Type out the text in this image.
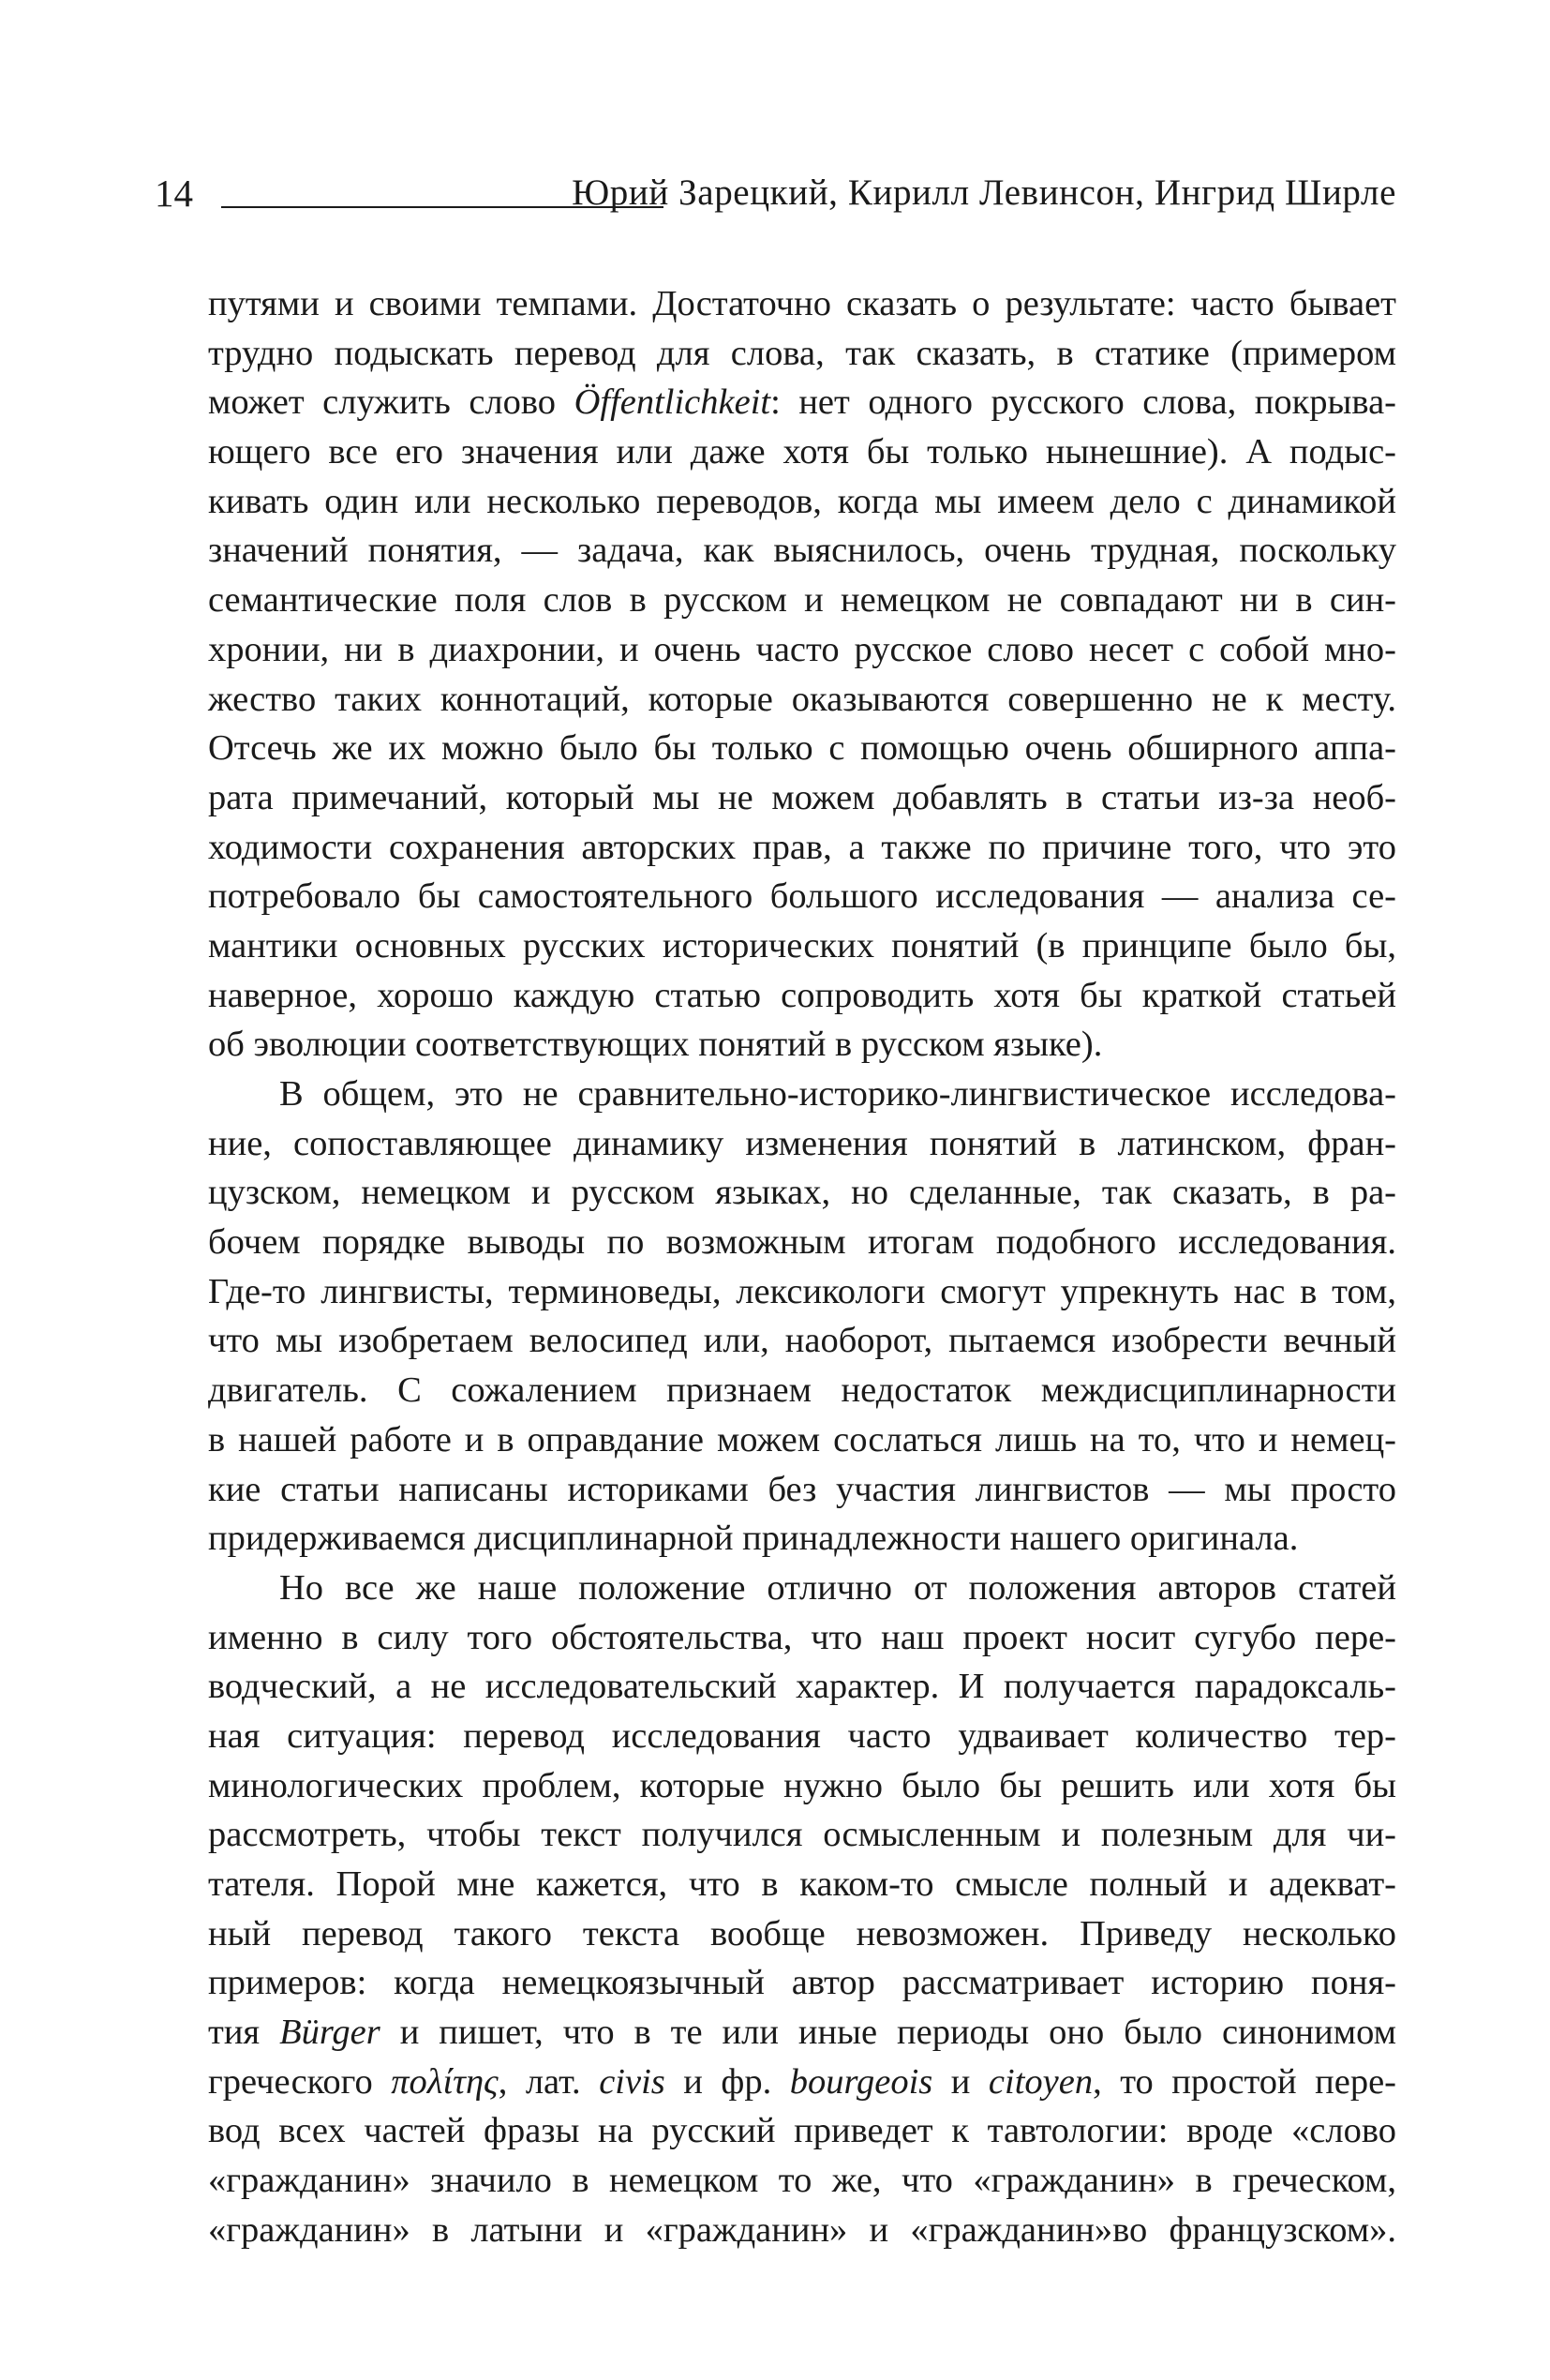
14	Юрий Зарецкий, Кирилл Левинсон, Ингрид Ширле
путями и своими темпами. Достаточно сказать о результате: часто бывает
трудно подыскать перевод для слова, так сказать, в статике (примером
может служить слово Öffentlichkeit: нет одного русского слова, покрыва-
ющего все его значения или даже хотя бы только нынешние). А подыс-
кивать один или несколько переводов, когда мы имеем дело с динамикой
значений понятия, — задача, как выяснилось, очень трудная, поскольку
семантические поля слов в русском и немецком не совпадают ни в син-
хронии, ни в диахронии, и очень часто русское слово несет с собой мно-
жество таких коннотаций, которые оказываются совершенно не к месту.
Отсечь же их можно было бы только с помощью очень обширного аппа-
рата примечаний, который мы не можем добавлять в статьи из-за необ-
ходимости сохранения авторских прав, а также по причине того, что это
потребовало бы самостоятельного большого исследования — анализа се-
мантики основных русских исторических понятий (в принципе было бы,
наверное, хорошо каждую статью сопроводить хотя бы краткой статьей
об эволюции соответствующих понятий в русском языке).
В общем, это не сравнительно-историко-лингвистическое исследова-
ние, сопоставляющее динамику изменения понятий в латинском, фран-
цузском, немецком и русском языках, но сделанные, так сказать, в ра-
бочем порядке выводы по возможным итогам подобного исследования.
Где-то лингвисты, терминоведы, лексикологи смогут упрекнуть нас в том,
что мы изобретаем велосипед или, наоборот, пытаемся изобрести вечный
двигатель. С сожалением признаем недостаток междисциплинарности
в нашей работе и в оправдание можем сослаться лишь на то, что и немец-
кие статьи написаны историками без участия лингвистов — мы просто
придерживаемся дисциплинарной принадлежности нашего оригинала.
Но все же наше положение отлично от положения авторов статей
именно в силу того обстоятельства, что наш проект носит сугубо пере-
водческий, а не исследовательский характер. И получается парадоксаль-
ная ситуация: перевод исследования часто удваивает количество тер-
минологических проблем, которые нужно было бы решить или хотя бы
рассмотреть, чтобы текст получился осмысленным и полезным для чи-
тателя. Порой мне кажется, что в каком-то смысле полный и адекват-
ный перевод такого текста вообще невозможен. Приведу несколько
примеров: когда немецкоязычный автор рассматривает историю поня-
тия Bürger и пишет, что в те или иные периоды оно было синонимом
греческого πολίτης, лат. civis и фр. bourgeois и citoyen, то простой пере-
вод всех частей фразы на русский приведет к тавтологии: вроде «слово
«гражданин» значило в немецком то же, что «гражданин» в греческом,
«гражданин» в латыни и «гражданин» и «гражданин»во французском».
